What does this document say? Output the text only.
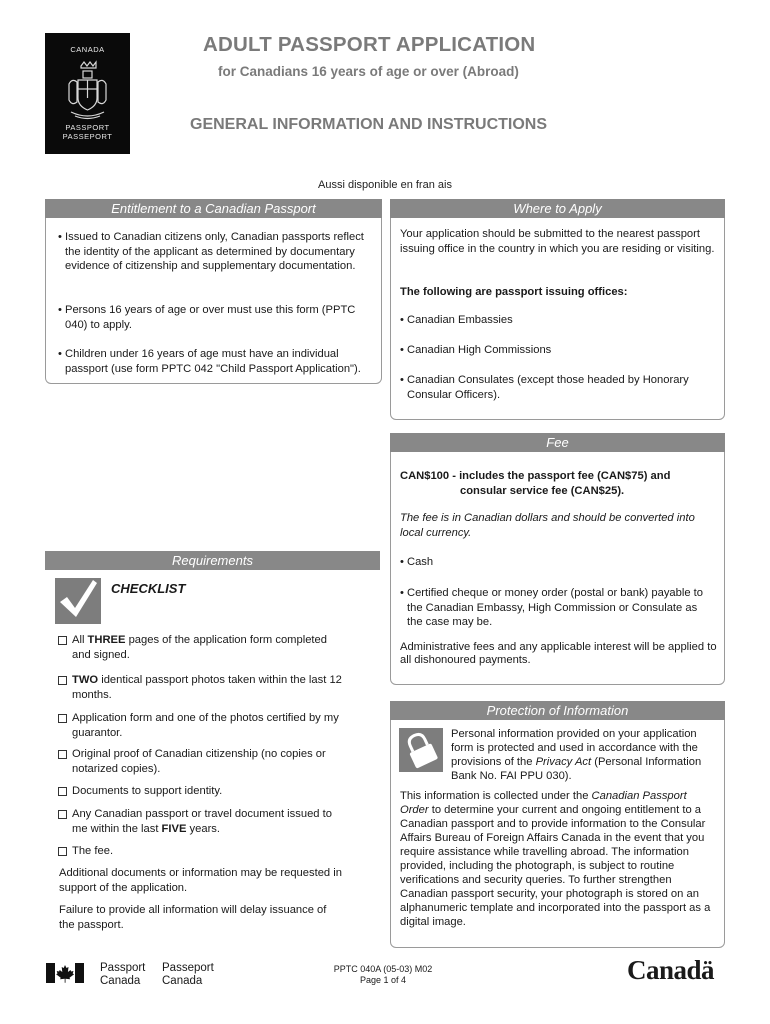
CANADA
PASSPORT
PASSEPORT
ADULT PASSPORT APPLICATION
for Canadians 16 years of age or over (Abroad)
GENERAL INFORMATION AND INSTRUCTIONS
Aussi disponible en fran ais
Entitlement to a Canadian Passport
• Issued to Canadian citizens only, Canadian passports reflect the identity of the applicant as determined by documentary evidence of citizenship and supplementary documentation.
• Persons 16 years of age or over must use this form (PPTC 040) to apply.
• Children under 16 years of age must have an individual passport (use form PPTC 042 "Child Passport Application").
Where to Apply
Your application should be submitted to the nearest passport issuing office in the country in which you are residing or visiting.
The following are passport issuing offices:
• Canadian Embassies
• Canadian High Commissions
• Canadian Consulates (except those headed by Honorary Consular Officers).
Fee
CAN$100 - includes the passport fee (CAN$75) and
consular service fee (CAN$25).
The fee is in Canadian dollars and should be converted into local currency.
• Cash
• Certified cheque or money order (postal or bank) payable to the Canadian Embassy, High Commission or Consulate as the case may be.
Administrative fees and any applicable interest will be applied to all dishonoured payments.
Requirements
CHECKLIST
All THREE pages of the application form completed and signed.
TWO identical passport photos taken within the last 12 months.
Application form and one of the photos certified by my guarantor.
Original proof of Canadian citizenship (no copies or notarized copies).
Documents to support identity.
Any Canadian passport or travel document issued to me within the last FIVE years.
The fee.
Additional documents or information may be requested in support of the application.
Failure to provide all information will delay issuance of the passport.
Protection of Information
Personal information provided on your application form is protected and used in accordance with the provisions of the Privacy Act (Personal Information Bank No. FAI PPU 030).
This information is collected under the Canadian Passport Order to determine your current and ongoing entitlement to a Canadian passport and to provide information to the Consular Affairs Bureau of Foreign Affairs Canada in the event that you require assistance while travelling abroad. The information provided, including the photograph, is subject to routine verifications and security queries. To further strengthen Canadian passport security, your photograph is stored on an alphanumeric template and incorporated into the passport as a digital image.
Passport
Canada
Passeport
Canada
PPTC 040A (05-03) M02
Page 1 of 4	Canadä
